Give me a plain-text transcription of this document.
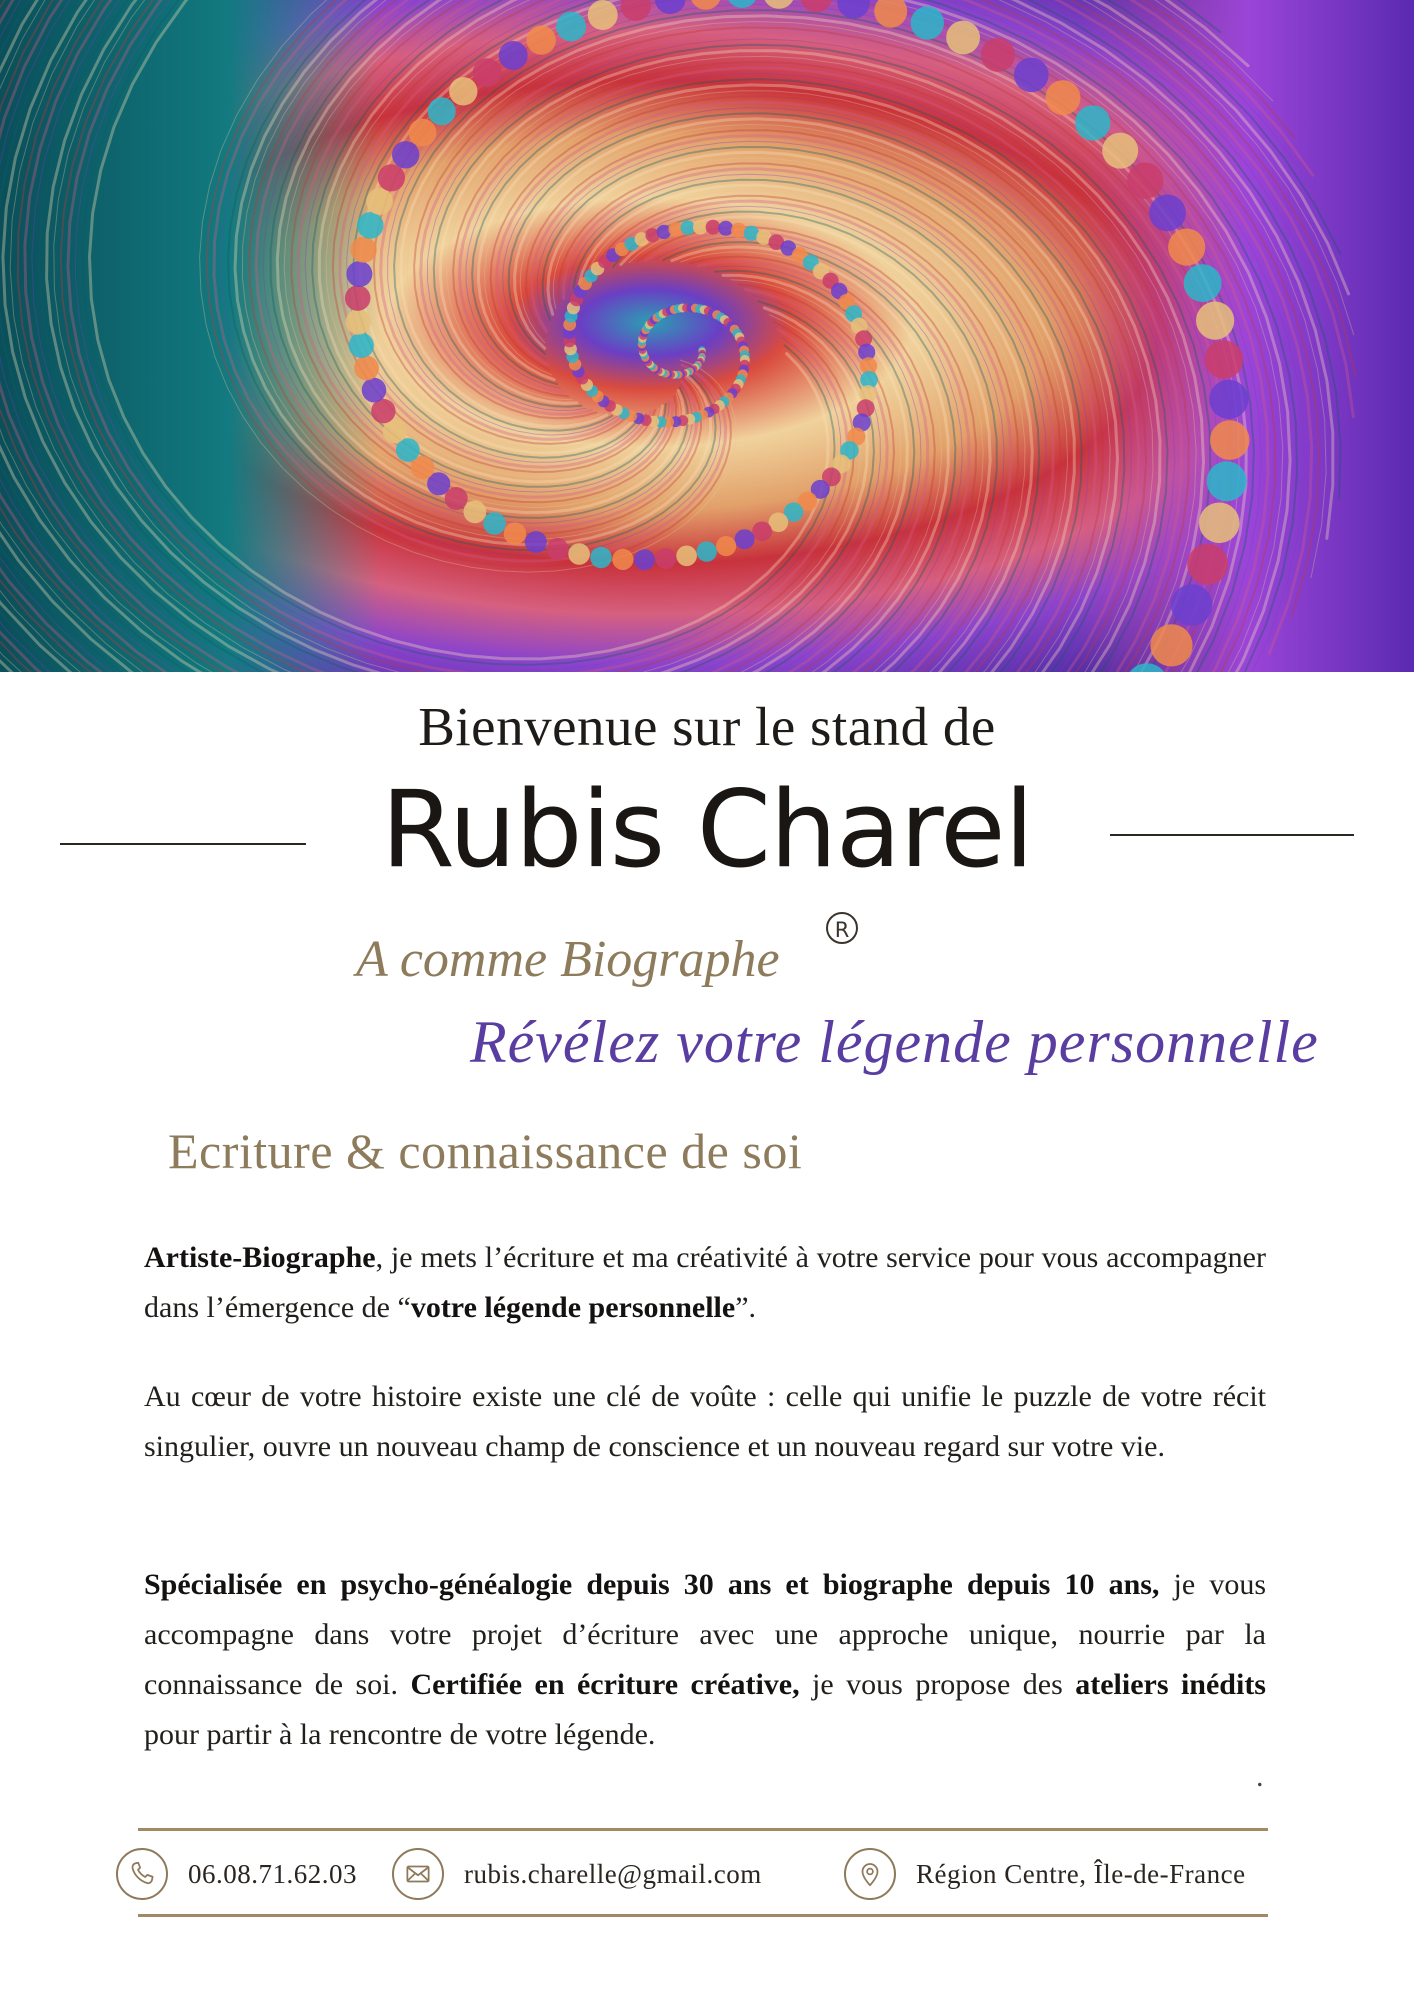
Bienvenue sur le stand de
Rubis Charel
A comme Biographe
R
Révélez votre légende personnelle
Ecriture & connaissance de soi

Artiste-Biographe, je mets l’écriture et ma créativité à votre service pour vous accompagner dans l’émergence de “votre légende personnelle”.

Au cœur de votre histoire existe une clé de voûte : celle qui unifie le puzzle de votre récit singulier, ouvre un nouveau champ de conscience et un nouveau regard sur votre vie.

Spécialisée en psycho-généalogie depuis 30 ans et biographe depuis 10 ans, je vous accompagne dans votre projet d’écriture avec une approche unique, nourrie par la connaissance de soi. Certifiée en écriture créative, je vous propose des ateliers inédits pour partir à la rencontre de votre légende.

.
06.08.71.62.03	rubis.charelle@gmail.com	Région Centre, Île-de-France
